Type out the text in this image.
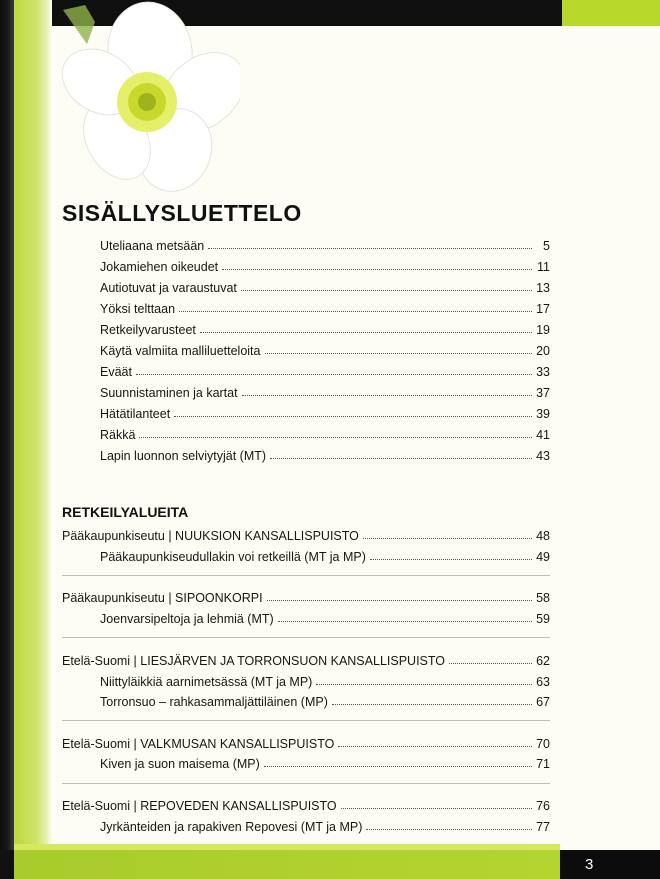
3
SISÄLLYSLUETTELO
Uteliaana metsään	5
Jokamiehen oikeudet	11
Autiotuvat ja varaustuvat	13
Yöksi telttaan	17
Retkeilyvarusteet	19
Käytä valmiita malliluetteloita	20
Eväät	33
Suunnistaminen ja kartat	37
Hätätilanteet	39
Räkkä	41
Lapin luonnon selviytyjät (MT)	43
RETKEILYALUEITA
Pääkaupunkiseutu | NUUKSION KANSALLISPUISTO	48
Pääkaupunkiseudullakin voi retkeillä (MT ja MP)	49
Pääkaupunkiseutu | SIPOONKORPI	58
Joenvarsipeltoja ja lehmiä (MT)	59
Etelä-Suomi | LIESJÄRVEN JA TORRONSUON KANSALLISPUISTO	62
Niittyläikkiä aarnimetsässä (MT ja MP)	63
Torronsuo – rahkasammaljättiläinen (MP)	67
Etelä-Suomi | VALKMUSAN KANSALLISPUISTO	70
Kiven ja suon maisema (MP)	71
Etelä-Suomi | REPOVEDEN KANSALLISPUISTO	76
Jyrkänteiden ja rapakiven Repovesi (MT ja MP)	77
